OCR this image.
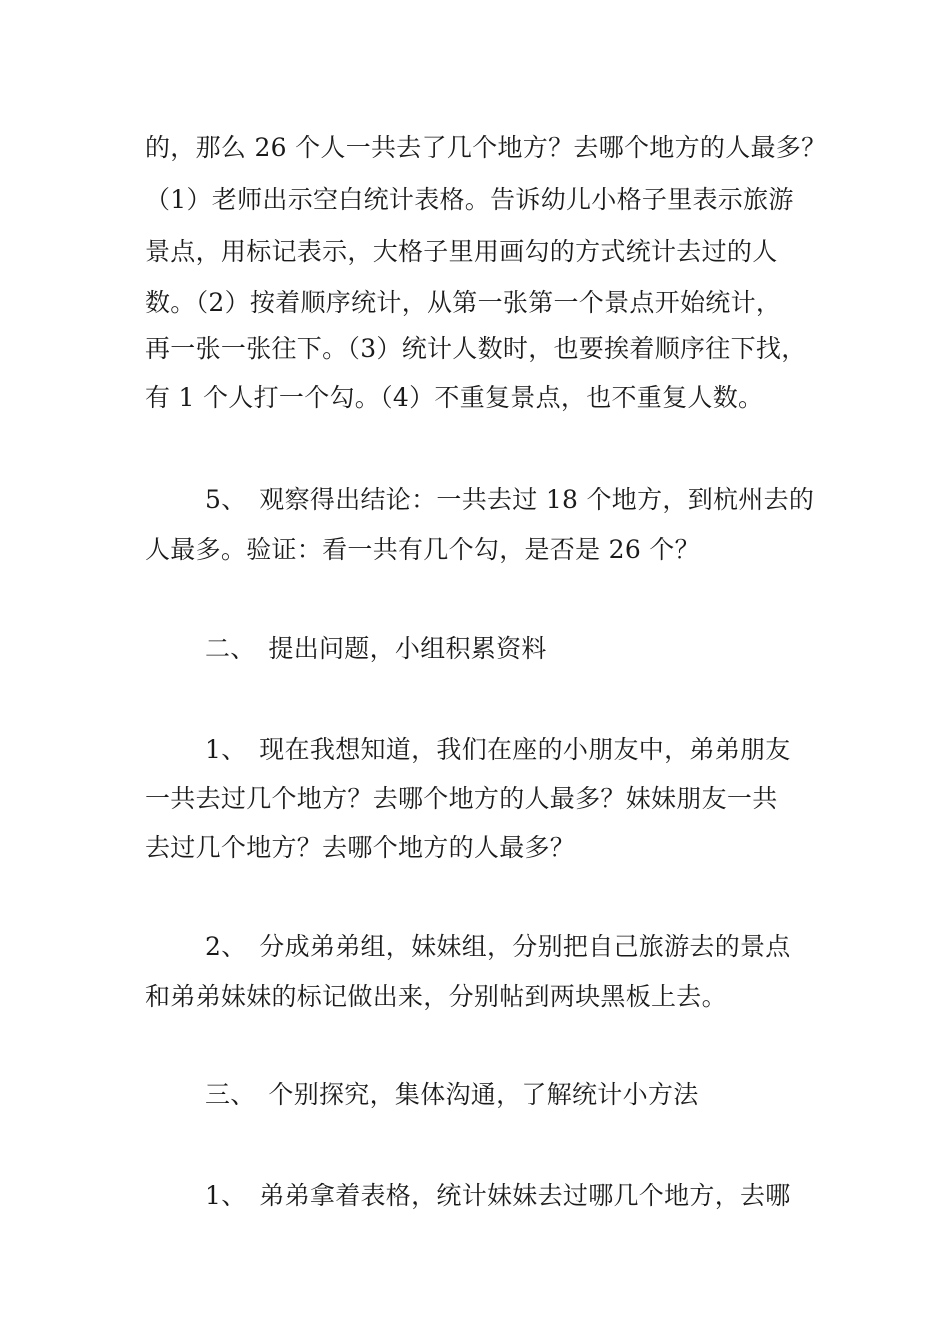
的，那么 26 个人一共去了几个地方？去哪个地方的人最多？
（1）老师出示空白统计表格。告诉幼儿小格子里表示旅游
景点，用标记表示，大格子里用画勾的方式统计去过的人
数。（2）按着顺序统计，从第一张第一个景点开始统计，
再一张一张往下。（3）统计人数时，也要挨着顺序往下找，
有 1 个人打一个勾。（4）不重复景点，也不重复人数。
5、　观察得出结论：一共去过 18 个地方，到杭州去的
人最多。验证：看一共有几个勾，是否是 26 个？
二、　提出问题，小组积累资料
1、　现在我想知道，我们在座的小朋友中，弟弟朋友
一共去过几个地方？去哪个地方的人最多？妹妹朋友一共
去过几个地方？去哪个地方的人最多？
2、　分成弟弟组，妹妹组，分别把自己旅游去的景点
和弟弟妹妹的标记做出来，分别帖到两块黑板上去。
三、　个别探究，集体沟通，了解统计小方法
1、　弟弟拿着表格，统计妹妹去过哪几个地方，去哪
